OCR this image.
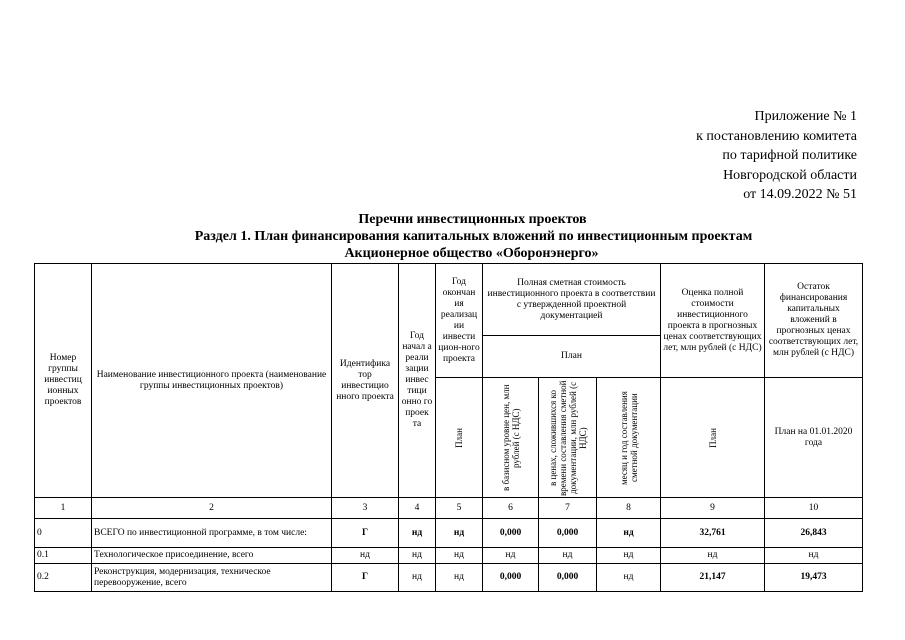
Приложение № 1
к постановлению комитета
по тарифной политике
Новгородской области
от 14.09.2022 № 51
Перечни инвестиционных проектов
Раздел 1. План финансирования капитальных вложений по инвестиционным проектам
Акционерное общество «Оборонэнерго»
Номер группы инвестиц ионных проектов	Наименование инвестиционного проекта (наименование группы инвестиционных проектов)	Идентифика тор инвестицио нного проекта	Год начал а реали зации инвес тици онно го проек та	Год окончан ия реализац ии инвести цион-ного проекта	Полная сметная стоимость инвестиционного проекта в соответствии с утвержденной проектной документацией			Оценка полной стоимости инвестиционного проекта в прогнозных ценах соответствующих лет, млн рублей (с НДС)	Остаток финансирования капитальных вложений в прогнозных ценах соответствующих лет, млн рублей (с НДС)
					План				

				План	в базисном уровне цен, млн рублей (с НДС)	в ценах, сложившихся ко времени составления сметной документации, млн рублей (с НДС)	месяц и год составления сметной документации	План	План на 01.01.2020 года
1	2	3	4	5	6	7	8	9	10
0	ВСЕГО по инвестиционной программе, в том числе:	Г	нд	нд	0,000	0,000	нд	32,761	26,843
0.1	Технологическое присоединение, всего	нд	нд	нд	нд	нд	нд	нд	нд
0.2	Реконструкция, модернизация, техническое перевооружение, всего	Г	нд	нд	0,000	0,000	нд	21,147	19,473
